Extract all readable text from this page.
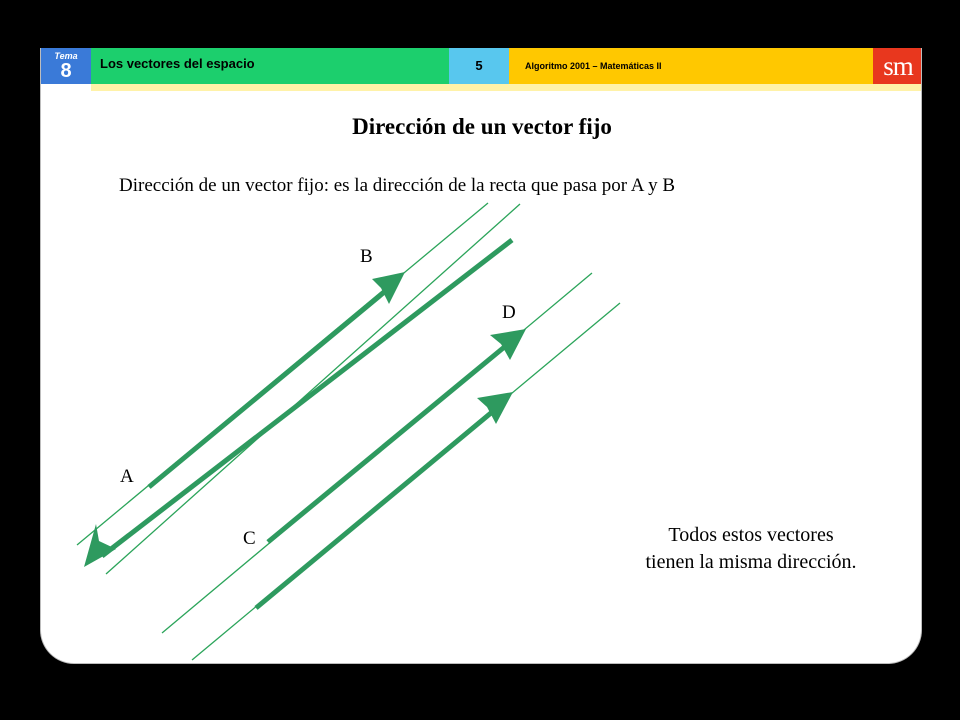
Tema
8	Los vectores del espacio	5	Algoritmo 2001 – Matemáticas II	sm
Dirección de un vector fijo
Dirección de un vector fijo: es la dirección de la recta que pasa por A y B
Todos estos vectores
tienen la misma dirección.
B
A
D
C
